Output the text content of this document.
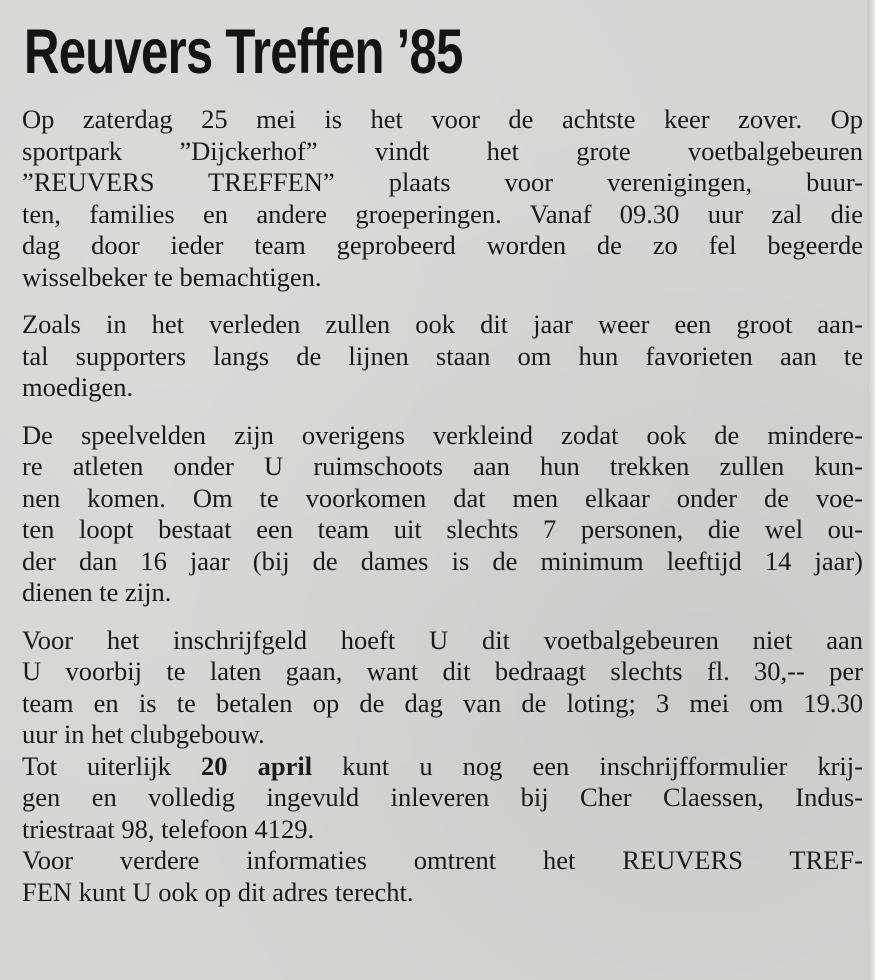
Reuvers Treffen ’85

Op zaterdag 25 mei is het voor de achtste keer zover. Op
sportpark ”Dijckerhof” vindt het grote voetbalgebeuren
”REUVERS TREFFEN” plaats voor verenigingen, buur-
ten, families en andere groeperingen. Vanaf 09.30 uur zal die
dag door ieder team geprobeerd worden de zo fel begeerde
wisselbeker te bemachtigen.

Zoals in het verleden zullen ook dit jaar weer een groot aan-
tal supporters langs de lijnen staan om hun favorieten aan te
moedigen.

De speelvelden zijn overigens verkleind zodat ook de mindere-
re atleten onder U ruimschoots aan hun trekken zullen kun-
nen komen. Om te voorkomen dat men elkaar onder de voe-
ten loopt bestaat een team uit slechts 7 personen, die wel ou-
der dan 16 jaar (bij de dames is de minimum leeftijd 14 jaar)
dienen te zijn.

Voor het inschrijfgeld hoeft U dit voetbalgebeuren niet aan
U voorbij te laten gaan, want dit bedraagt slechts fl. 30,-- per
team en is te betalen op de dag van de loting; 3 mei om 19.30
uur in het clubgebouw.

Tot uiterlijk 20 april kunt u nog een inschrijfformulier krij-
gen en volledig ingevuld inleveren bij Cher Claessen, Indus-
triestraat 98, telefoon 4129.

Voor verdere informaties omtrent het REUVERS TREF-
FEN kunt U ook op dit adres terecht.
